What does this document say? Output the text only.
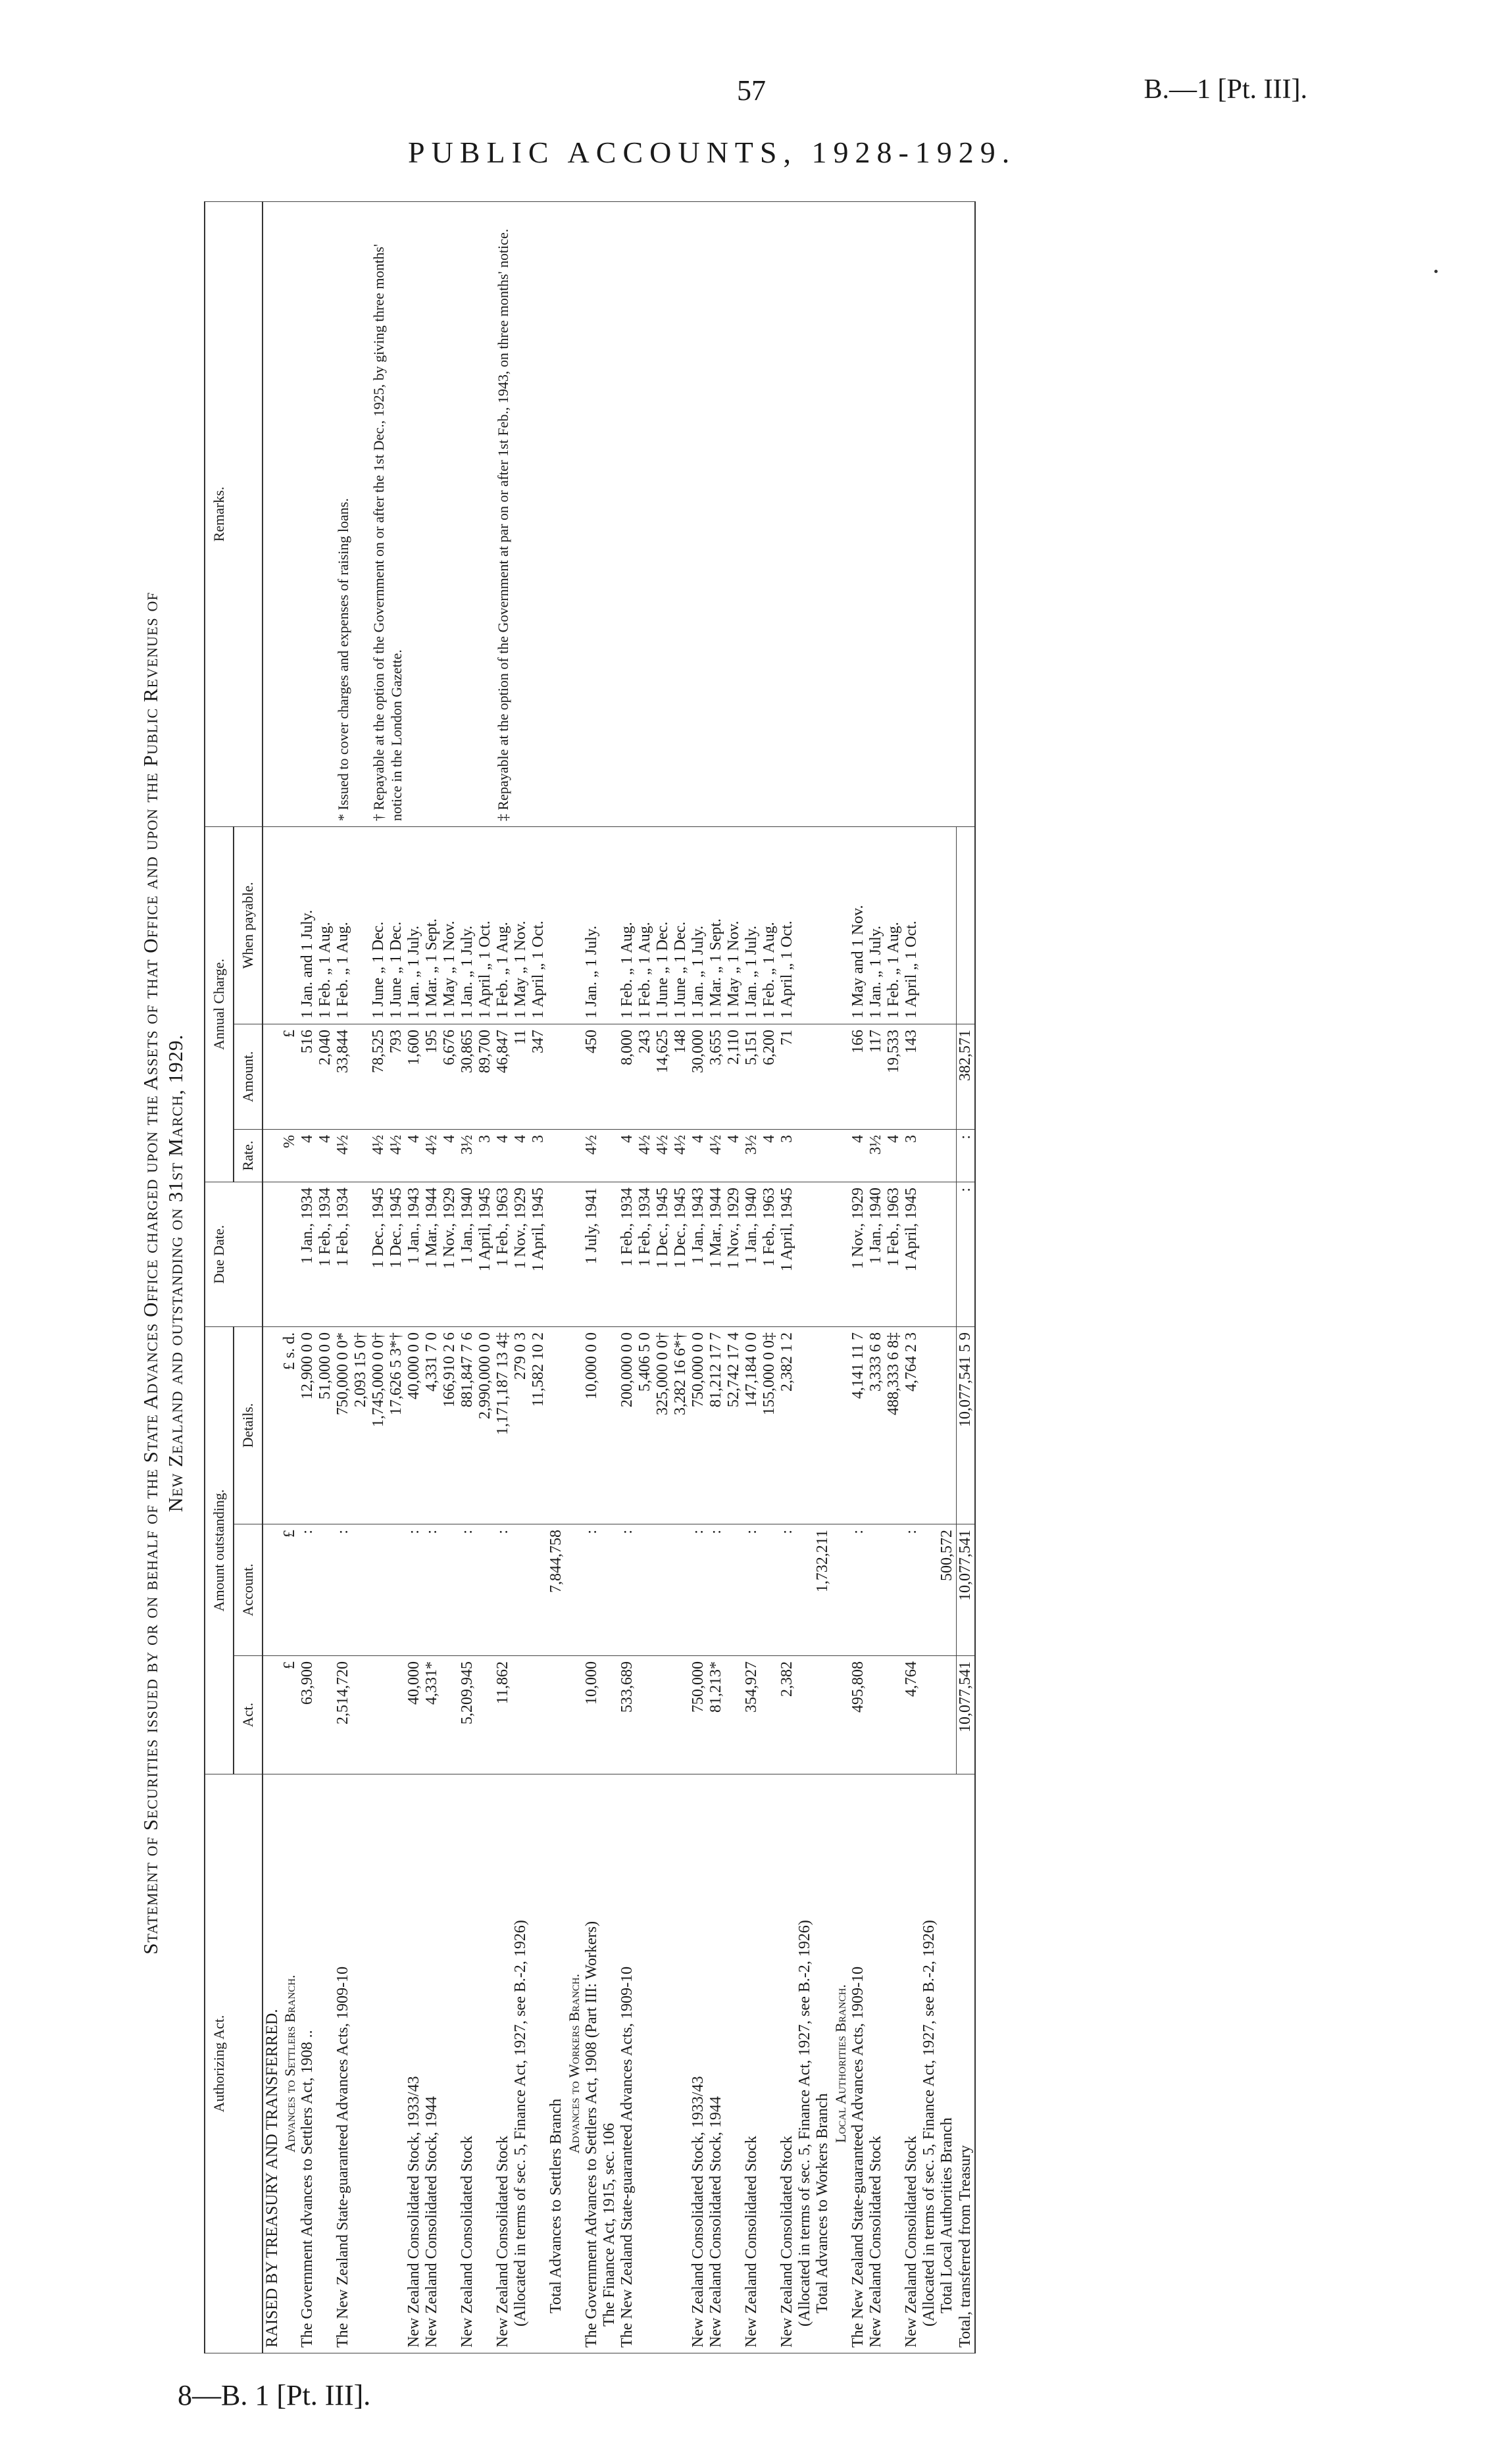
57	B.—1 [Pt. III].
PUBLIC ACCOUNTS, 1928-1929.
Statement of Securities issued by or on behalf of the State Advances Office charged upon the Assets of that Office and upon the Public Revenues of New Zealand and outstanding on 31st March, 1929.
Authorizing Act.	Amount outstanding.			Due Date.	Annual Charge.			Remarks.
	Act.	Account.	Details.		Rate.	Amount.	When payable.	
RAISED BY TREASURY AND TRANSFERRED.								
Advances to Settlers Branch.	£	£	£ s. d.		%	£		
The Government Advances to Settlers Act, 1908 ..	63,900	:	12,900 0 0	1 Jan., 1934	4	516	1 Jan. and 1 July.	
			51,000 0 0	1 Feb., 1934	4	2,040	1 Feb. „ 1 Aug.	
The New Zealand State-guaranteed Advances Acts, 1909-10	2,514,720	:	750,000 0 0*	1 Feb., 1934	4½	33,844	1 Feb. „ 1 Aug.	* Issued to cover charges and expenses of raising loans.
			2,093 15 0†					
			1,745,000 0 0†	1 Dec., 1945	4½	78,525	1 June „ 1 Dec.	† Repayable at the option of the Government on or after the 1st Dec., 1925, by giving three months' notice in the London Gazette.
			17,626 5 3*†	1 Dec., 1945	4½	793	1 June „ 1 Dec.	
New Zealand Consolidated Stock, 1933/43	40,000	:	40,000 0 0	1 Jan., 1943	4	1,600	1 Jan. „ 1 July.	
New Zealand Consolidated Stock, 1944	4,331*	:	4,331 7 0	1 Mar., 1944	4½	195	1 Mar. „ 1 Sept.	
			166,910 2 6	1 Nov., 1929	4	6,676	1 May „ 1 Nov.	
New Zealand Consolidated Stock	5,209,945	:	881,847 7 6	1 Jan., 1940	3½	30,865	1 Jan. „ 1 July.	
			2,990,000 0 0	1 April, 1945	3	89,700	1 April „ 1 Oct.	
New Zealand Consolidated Stock	11,862	:	1,171,187 13 4‡	1 Feb., 1963	4	46,847	1 Feb. „ 1 Aug.	‡ Repayable at the option of the Government at par on or after 1st Feb., 1943, on three months' notice.
(Allocated in terms of sec. 5, Finance Act, 1927, see B.-2, 1926)			279 0 3	1 Nov., 1929	4	11	1 May „ 1 Nov.	
			11,582 10 2	1 April, 1945	3	347	1 April „ 1 Oct.	
Total Advances to Settlers Branch		7,844,758						
Advances to Workers Branch.								
The Government Advances to Settlers Act, 1908 (Part III: Workers)	10,000	:	10,000 0 0	1 July, 1941	4½	450	1 Jan. „ 1 July.	
The Finance Act, 1915, sec. 106								
The New Zealand State-guaranteed Advances Acts, 1909-10	533,689	:	200,000 0 0	1 Feb., 1934	4	8,000	1 Feb. „ 1 Aug.	
			5,406 5 0	1 Feb., 1934	4½	243	1 Feb. „ 1 Aug.	
			325,000 0 0†	1 Dec., 1945	4½	14,625	1 June „ 1 Dec.	
			3,282 16 6*†	1 Dec., 1945	4½	148	1 June „ 1 Dec.	
New Zealand Consolidated Stock, 1933/43	750,000	:	750,000 0 0	1 Jan., 1943	4	30,000	1 Jan. „ 1 July.	
New Zealand Consolidated Stock, 1944	81,213*	:	81,212 17 7	1 Mar., 1944	4½	3,655	1 Mar. „ 1 Sept.	
			52,742 17 4	1 Nov., 1929	4	2,110	1 May „ 1 Nov.	
New Zealand Consolidated Stock	354,927	:	147,184 0 0	1 Jan., 1940	3½	5,151	1 Jan. „ 1 July.	
			155,000 0 0‡	1 Feb., 1963	4	6,200	1 Feb. „ 1 Aug.	
New Zealand Consolidated Stock	2,382	:	2,382 1 2	1 April, 1945	3	71	1 April „ 1 Oct.	
(Allocated in terms of sec. 5, Finance Act, 1927, see B.-2, 1926)								
Total Advances to Workers Branch		1,732,211						
Local Authorities Branch.								
The New Zealand State-guaranteed Advances Acts, 1909-10	495,808	:	4,141 11 7	1 Nov., 1929	4	166	1 May and 1 Nov.	
New Zealand Consolidated Stock			3,333 6 8	1 Jan., 1940	3½	117	1 Jan. „ 1 July.	
			488,333 6 8‡	1 Feb., 1963	4	19,533	1 Feb. „ 1 Aug.	
New Zealand Consolidated Stock	4,764	:	4,764 2 3	1 April, 1945	3	143	1 April „ 1 Oct.	
(Allocated in terms of sec. 5, Finance Act, 1927, see B.-2, 1926)								
Total Local Authorities Branch		500,572						
Total, transferred from Treasury	10,077,541	10,077,541	10,077,541 5 9	:	:	382,571		
8—B. 1 [Pt. III].
